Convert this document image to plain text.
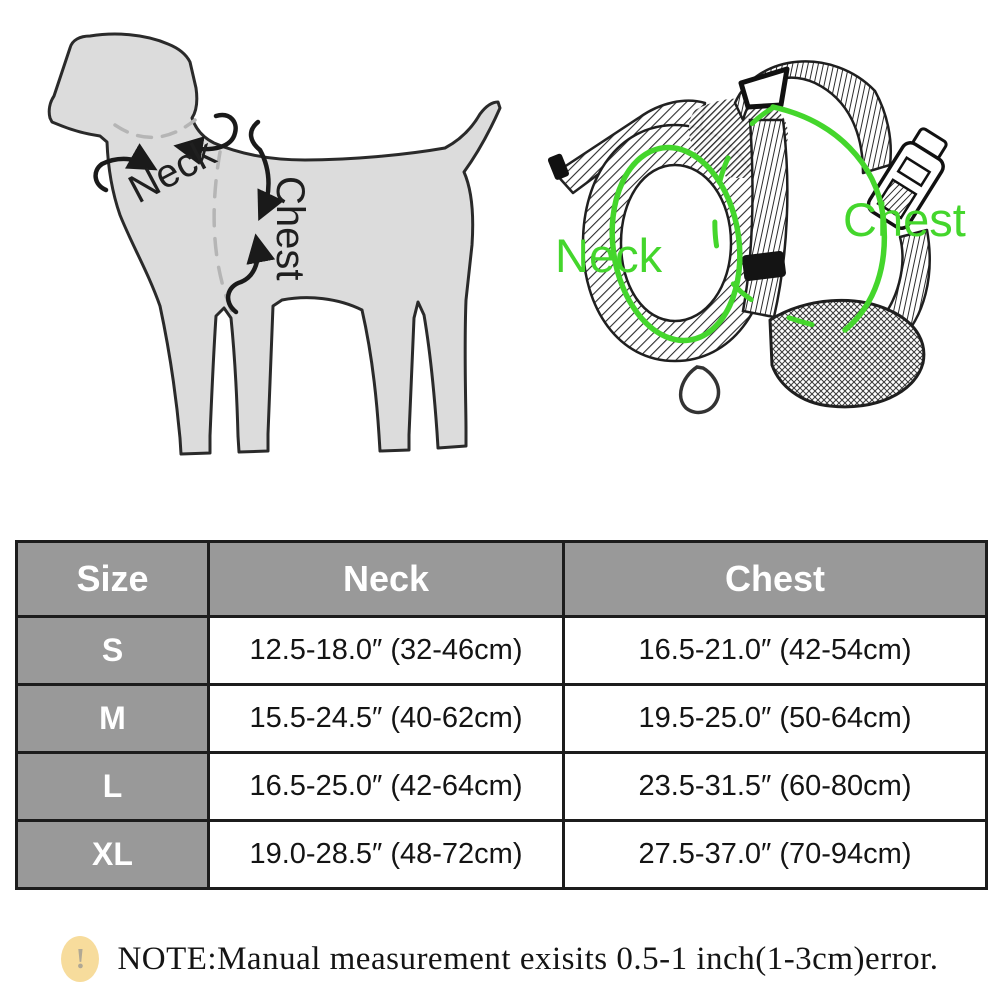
Neck
Chest	Neck
Chest
Size	Neck	Chest
S	12.5-18.0″ (32-46cm)	16.5-21.0″ (42-54cm)
M	15.5-24.5″ (40-62cm)	19.5-25.0″ (50-64cm)
L	16.5-25.0″ (42-64cm)	23.5-31.5″ (60-80cm)
XL	19.0-28.5″ (48-72cm)	27.5-37.0″ (70-94cm)
! NOTE:Manual measurement exisits 0.5-1 inch(1-3cm)error.
